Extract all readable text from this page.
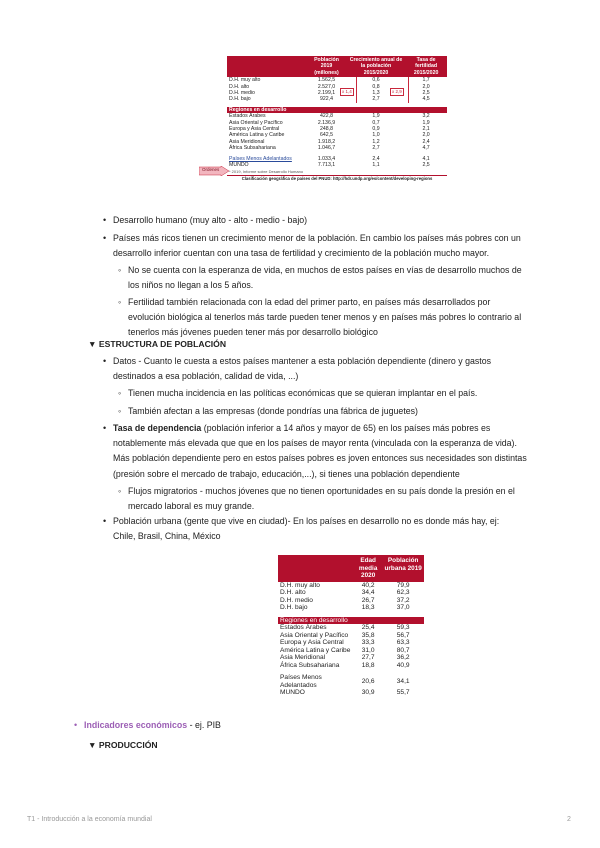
	Población 2019 (millones)	Crecimiento anual de la población 2015/2020	Tasa de fertilidad 2015/2020
D.H. muy alto	1.562,5	0,6	1,7
D.H. alto	2.527,0	0,8	2,0
D.H. medio	2.199,1	1,3	2,5
D.H. bajo	922,4	2,7	4,5

Regiones en desarrollo			
Estados Árabes	422,8	1,9	3,2
Asia Oriental y Pacífico	2.136,9	0,7	1,9
Europa y Asia Central	248,8	0,9	2,1
América Latina y Caribe	642,5	1,0	2,0
Asia Meridional	1.918,2	1,2	2,4
África Subsahariana	1.046,7	2,7	4,7

Países Menos Adelantados	1.033,4	2,4	4,1
MUNDO	7.713,1	1,1	2,5
* 2019, Informe sobre Desarrollo Humano			
Clasificación geográfica de países del PNUD: http://hdr.undp.org/es/content/developing-regions			
x 1,4	x 2,9
Ordenes
• Desarrollo humano (muy alto - alto - medio - bajo)
• Países más ricos tienen un crecimiento menor de la población. En cambio los países más pobres con un desarrollo inferior cuentan con una tasa de fertilidad y crecimiento de la población mucho mayor.
◦ No se cuenta con la esperanza de vida, en muchos de estos países en vías de desarrollo muchos de los niños no llegan a los 5 años.
◦ Fertilidad también relacionada con la edad del primer parto, en países más desarrollados por evolución biológica al tenerlos más tarde pueden tener menos y en países más pobres lo contrario al tenerlos más jóvenes pueden tener más por desarrollo biológico
▼ ESTRUCTURA DE POBLACIÓN
• Datos - Cuanto le cuesta a estos países mantener a esta población dependiente (dinero y gastos destinados a esa población, calidad de vida, ...)
◦ Tienen mucha incidencia en las políticas económicas que se quieran implantar en el país.
◦ También afectan a las empresas (donde pondrías una fábrica de juguetes)
• Tasa de dependencia (población inferior a 14 años y mayor de 65) en los países más pobres es notablemente más elevada que que en los países de mayor renta (vinculada con la esperanza de vida). Más población dependiente pero en estos países pobres es joven entonces sus necesidades son distintas (presión sobre el mercado de trabajo, educación,...), si tienes una población dependiente
◦ Flujos migratorios - muchos jóvenes que no tienen oportunidades en su país donde la presión en el mercado laboral es muy grande.
• Población urbana (gente que vive en ciudad)- En los países en desarrollo no es donde más hay, ej: Chile, Brasil, China, México
	Edad media 2020	Población urbana 2019
D.H. muy alto	40,2	79,9
D.H. alto	34,4	62,3
D.H. medio	26,7	37,2
D.H. bajo	18,3	37,0

Regiones en desarrollo		
Estados Árabes	25,4	59,3
Asia Oriental y Pacífico	35,8	56,7
Europa y Asia Central	33,3	63,3
América Latina y Caribe	31,0	80,7
Asia Meridional	27,7	36,2
África Subsahariana	18,8	40,9

Países Menos Adelantados	20,6	34,1
MUNDO	30,9	55,7
• Indicadores económicos - ej. PIB
▼ PRODUCCIÓN
T1 - Introducción a la economía mundial	2
